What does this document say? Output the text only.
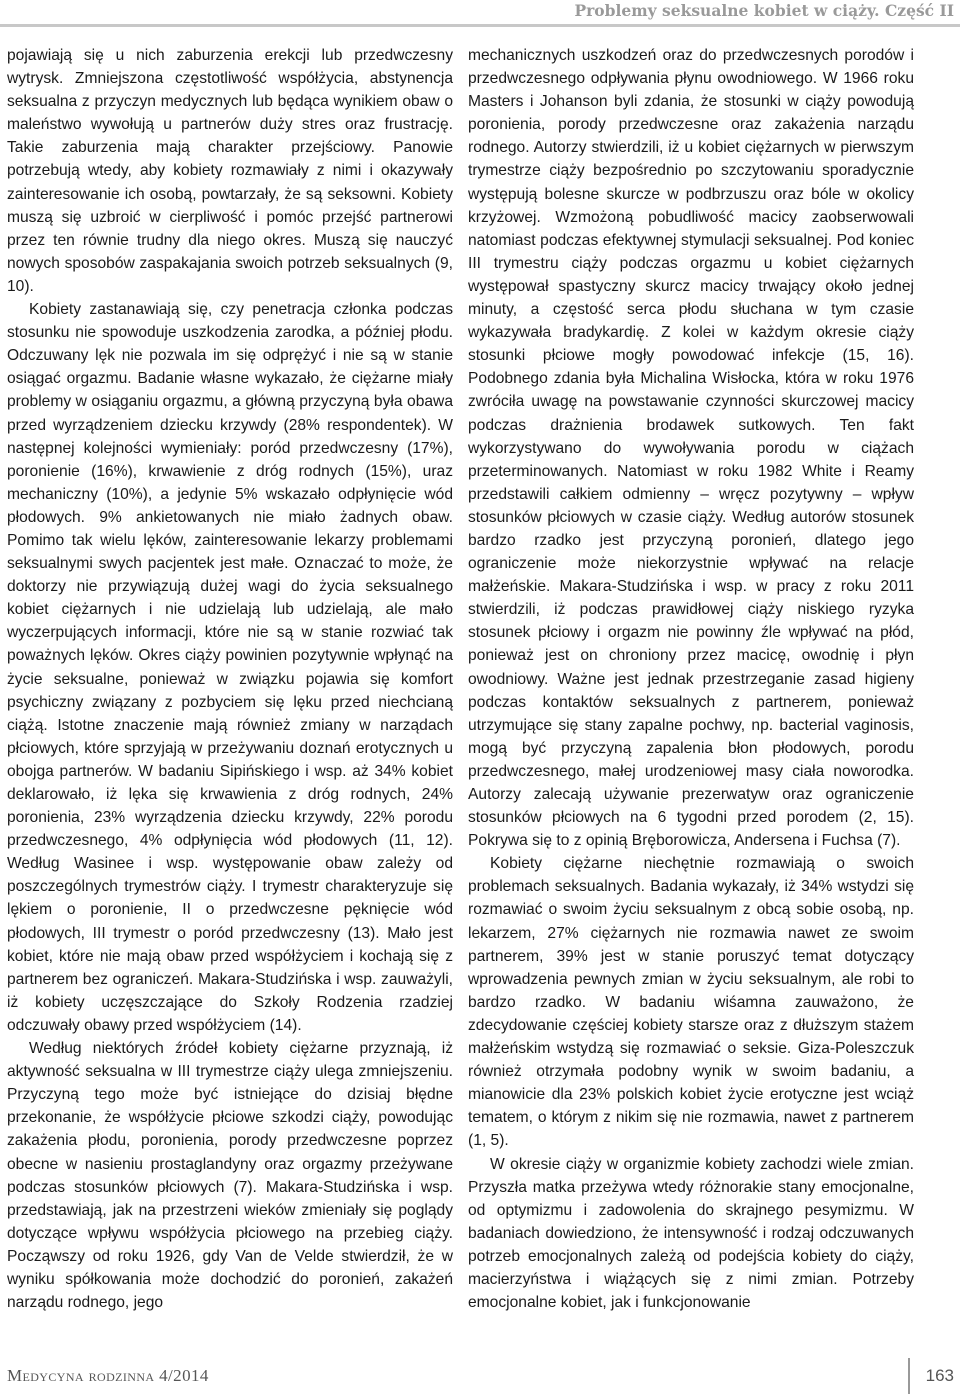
Problemy seksualne kobiet w ciąży. Część II

pojawiają się u nich zaburzenia erekcji lub przedwczesny wytrysk. Zmniejszona częstotliwość współżycia, abstynencja seksualna z przyczyn medycznych lub będąca wynikiem obaw o maleństwo wywołują u partnerów duży stres oraz frustrację. Takie zaburzenia mają charakter przejściowy. Panowie potrzebują wtedy, aby kobiety rozmawiały z nimi i okazywały zainteresowanie ich osobą, powtarzały, że są seksowni. Kobiety muszą się uzbroić w cierpliwość i pomóc przejść partnerowi przez ten równie trudny dla niego okres. Muszą się nauczyć nowych sposobów zaspakajania swoich potrzeb seksualnych (9, 10).

Kobiety zastanawiają się, czy penetracja członka podczas stosunku nie spowoduje uszkodzenia zarodka, a później płodu. Odczuwany lęk nie pozwala im się odprężyć i nie są w stanie osiągać orgazmu. Badanie własne wykazało, że ciężarne miały problemy w osiąganiu orgazmu, a główną przyczyną była obawa przed wyrządzeniem dziecku krzywdy (28% respondentek). W następnej kolejności wymieniały: poród przedwczesny (17%), poronienie (16%), krwawienie z dróg rodnych (15%), uraz mechaniczny (10%), a jedynie 5% wskazało odpłynięcie wód płodowych. 9% ankietowanych nie miało żadnych obaw. Pomimo tak wielu lęków, zainteresowanie lekarzy problemami seksualnymi swych pacjentek jest małe. Oznaczać to może, że doktorzy nie przywiązują dużej wagi do życia seksualnego kobiet ciężarnych i nie udzielają lub udzielają, ale mało wyczerpujących informacji, które nie są w stanie rozwiać tak poważnych lęków. Okres ciąży powinien pozytywnie wpłynąć na życie seksualne, ponieważ w związku pojawia się komfort psychiczny związany z pozbyciem się lęku przed niechcianą ciążą. Istotne znaczenie mają również zmiany w narządach płciowych, które sprzyjają w przeżywaniu doznań erotycznych u obojga partnerów. W badaniu Sipińskiego i wsp. aż 34% kobiet deklarowało, iż lęka się krwawienia z dróg rodnych, 24% poronienia, 23% wyrządzenia dziecku krzywdy, 22% porodu przedwczesnego, 4% odpłynięcia wód płodowych (11, 12). Według Wasinee i wsp. występowanie obaw zależy od poszczególnych trymestrów ciąży. I trymestr charakteryzuje się lękiem o poronienie, II o przedwczesne pęknięcie wód płodowych, III trymestr o poród przedwczesny (13). Mało jest kobiet, które nie mają obaw przed współżyciem i kochają się z partnerem bez ograniczeń. Makara-Studzińska i wsp. zauważyli, iż kobiety uczęszczające do Szkoły Rodzenia rzadziej odczuwały obawy przed współżyciem (14).

Według niektórych źródeł kobiety ciężarne przyznają, iż aktywność seksualna w III trymestrze ciąży ulega zmniejszeniu. Przyczyną tego może być istniejące do dzisiaj błędne przekonanie, że współżycie płciowe szkodzi ciąży, powodując zakażenia płodu, poronienia, porody przedwczesne poprzez obecne w nasieniu prostaglandyny oraz orgazmy przeżywane podczas stosunków płciowych (7). Makara-Studzińska i wsp. przedstawiają, jak na przestrzeni wieków zmieniały się poglądy dotyczące wpływu współżycia płciowego na przebieg ciąży. Począwszy od roku 1926, gdy Van de Velde stwierdził, że w wyniku spółkowania może dochodzić do poronień, zakażeń narządu rodnego, jego

mechanicznych uszkodzeń oraz do przedwczesnych porodów i przedwczesnego odpływania płynu owodniowego. W 1966 roku Masters i Johanson byli zdania, że stosunki w ciąży powodują poronienia, porody przedwczesne oraz zakażenia narządu rodnego. Autorzy stwierdzili, iż u kobiet ciężarnych w pierwszym trymestrze ciąży bezpośrednio po szczytowaniu sporadycznie występują bolesne skurcze w podbrzuszu oraz bóle w okolicy krzyżowej. Wzmożoną pobudliwość macicy zaobserwowali natomiast podczas efektywnej stymulacji seksualnej. Pod koniec III trymestru ciąży podczas orgazmu u kobiet ciężarnych występował spastyczny skurcz macicy trwający około jednej minuty, a częstość serca płodu słuchana w tym czasie wykazywała bradykardię. Z kolei w każdym okresie ciąży stosunki płciowe mogły powodować infekcje (15, 16). Podobnego zdania była Michalina Wisłocka, która w roku 1976 zwróciła uwagę na powstawanie czynności skurczowej macicy podczas drażnienia brodawek sutkowych. Ten fakt wykorzystywano do wywoływania porodu w ciążach przeterminowanych. Natomiast w roku 1982 White i Reamy przedstawili całkiem odmienny – wręcz pozytywny – wpływ stosunków płciowych w czasie ciąży. Według autorów stosunek bardzo rzadko jest przyczyną poronień, dlatego jego ograniczenie może niekorzystnie wpływać na relacje małżeńskie. Makara-Studzińska i wsp. w pracy z roku 2011 stwierdzili, iż podczas prawidłowej ciąży niskiego ryzyka stosunek płciowy i orgazm nie powinny źle wpływać na płód, ponieważ jest on chroniony przez macicę, owodnię i płyn owodniowy. Ważne jest jednak przestrzeganie zasad higieny podczas kontaktów seksualnych z partnerem, ponieważ utrzymujące się stany zapalne pochwy, np. bacterial vaginosis, mogą być przyczyną zapalenia błon płodowych, porodu przedwczesnego, małej urodzeniowej masy ciała noworodka. Autorzy zalecają używanie prezerwatyw oraz ograniczenie stosunków płciowych na 6 tygodni przed porodem (2, 15). Pokrywa się to z opinią Bręborowicza, Andersena i Fuchsa (7).

Kobiety ciężarne niechętnie rozmawiają o swoich problemach seksualnych. Badania wykazały, iż 34% wstydzi się rozmawiać o swoim życiu seksualnym z obcą sobie osobą, np. lekarzem, 27% ciężarnych nie rozmawia nawet ze swoim partnerem, 39% jest w stanie poruszyć temat dotyczący wprowadzenia pewnych zmian w życiu seksualnym, ale robi to bardzo rzadko. W badaniu wiśamna zauważono, że zdecydowanie częściej kobiety starsze oraz z dłuższym stażem małżeńskim wstydzą się rozmawiać o seksie. Giza-Poleszczuk również otrzymała podobny wynik w swoim badaniu, a mianowicie dla 23% polskich kobiet życie erotyczne jest wciąż tematem, o którym z nikim się nie rozmawia, nawet z partnerem (1, 5).

W okresie ciąży w organizmie kobiety zachodzi wiele zmian. Przyszła matka przeżywa wtedy różnorakie stany emocjonalne, od optymizmu i zadowolenia do skrajnego pesymizmu. W badaniach dowiedziono, że intensywność i rodzaj odczuwanych potrzeb emocjonalnych zależą od podejścia kobiety do ciąży, macierzyństwa i wiążących się z nimi zmian. Potrzeby emocjonalne kobiet, jak i funkcjonowanie

Medycyna rodzinna 4/2014	163
